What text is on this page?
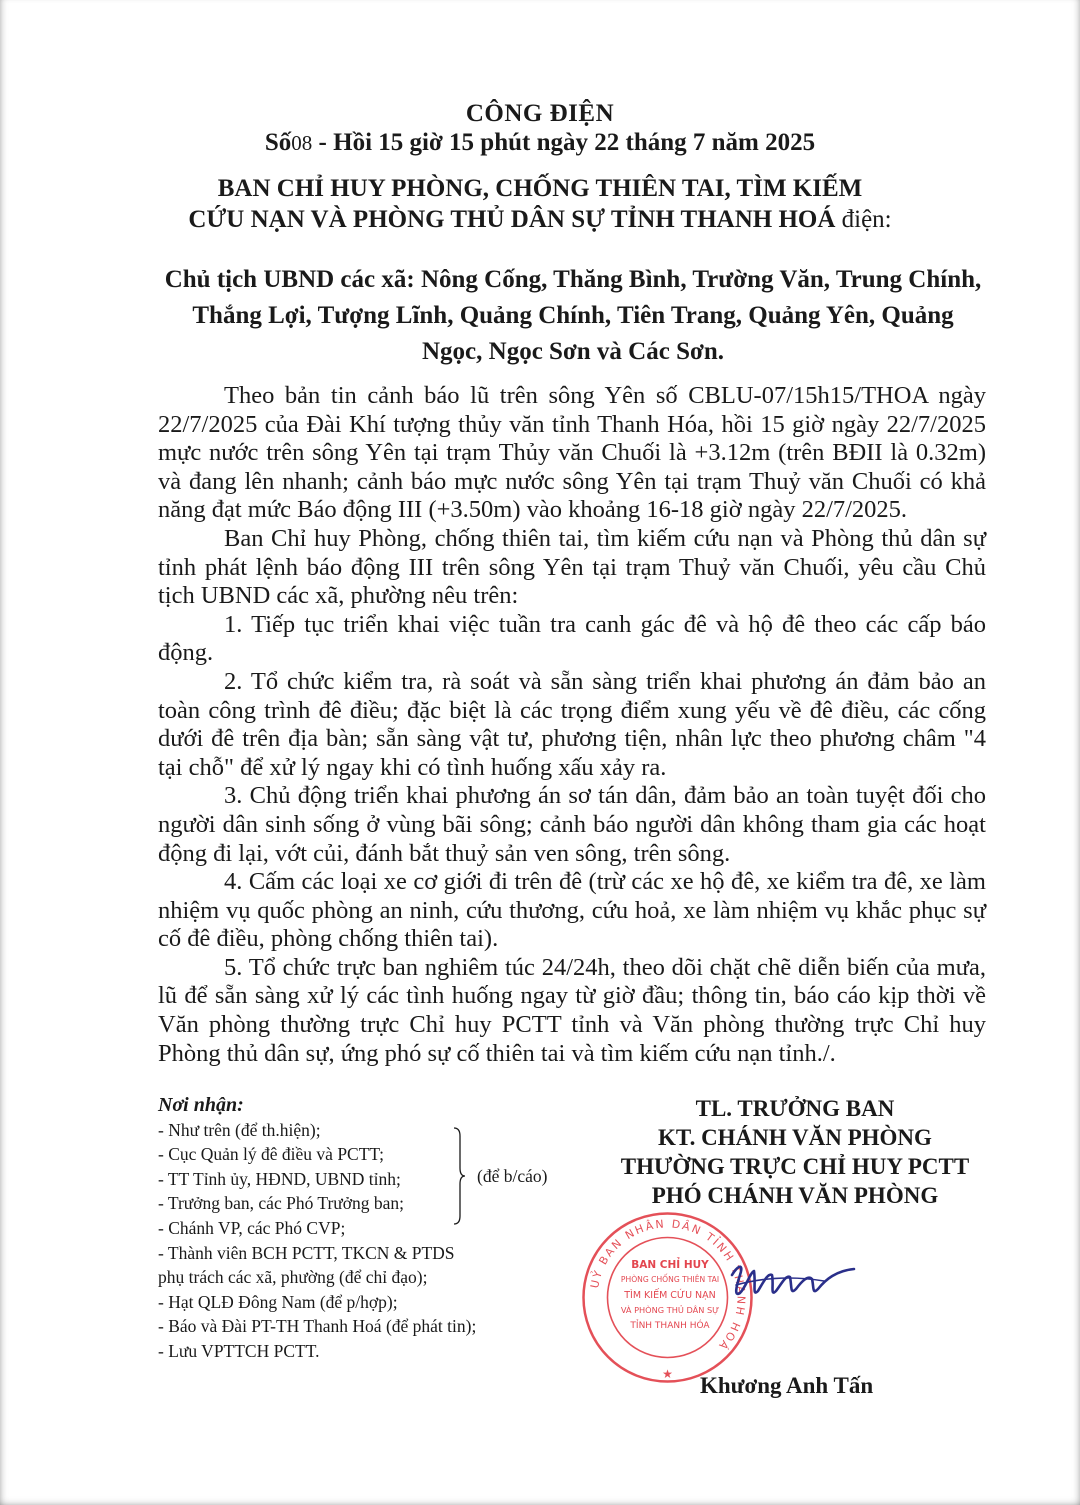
CÔNG ĐIỆN
Số08 - Hồi 15 giờ 15 phút ngày 22 tháng 7 năm 2025
BAN CHỈ HUY PHÒNG, CHỐNG THIÊN TAI, TÌM KIẾM
CỨU NẠN VÀ PHÒNG THỦ DÂN SỰ TỈNH THANH HOÁ điện:
Chủ tịch UBND các xã: Nông Cống, Thăng Bình, Trường Văn, Trung Chính,
Thắng Lợi, Tượng Lĩnh, Quảng Chính, Tiên Trang, Quảng Yên, Quảng
Ngọc, Ngọc Sơn và Các Sơn.

Theo bản tin cảnh báo lũ trên sông Yên số CBLU-07/15h15/THOA ngày 22/7/2025 của Đài Khí tượng thủy văn tỉnh Thanh Hóa, hồi 15 giờ ngày 22/7/2025 mực nước trên sông Yên tại trạm Thủy văn Chuối là +3.12m (trên BĐII là 0.32m) và đang lên nhanh; cảnh báo mực nước sông Yên tại trạm Thuỷ văn Chuối có khả năng đạt mức Báo động III (+3.50m) vào khoảng 16-18 giờ ngày 22/7/2025.

Ban Chỉ huy Phòng, chống thiên tai, tìm kiếm cứu nạn và Phòng thủ dân sự tỉnh phát lệnh báo động III trên sông Yên tại trạm Thuỷ văn Chuối, yêu cầu Chủ tịch UBND các xã, phường nêu trên:

1. Tiếp tục triển khai việc tuần tra canh gác đê và hộ đê theo các cấp báo động.

2. Tổ chức kiểm tra, rà soát và sẵn sàng triển khai phương án đảm bảo an toàn công trình đê điều; đặc biệt là các trọng điểm xung yếu về đê điều, các cống dưới đê trên địa bàn; sẵn sàng vật tư, phương tiện, nhân lực theo phương châm "4 tại chỗ" để xử lý ngay khi có tình huống xấu xảy ra.

3. Chủ động triển khai phương án sơ tán dân, đảm bảo an toàn tuyệt đối cho người dân sinh sống ở vùng bãi sông; cảnh báo người dân không tham gia các hoạt động đi lại, vớt củi, đánh bắt thuỷ sản ven sông, trên sông.

4. Cấm các loại xe cơ giới đi trên đê (trừ các xe hộ đê, xe kiểm tra đê, xe làm nhiệm vụ quốc phòng an ninh, cứu thương, cứu hoả, xe làm nhiệm vụ khắc phục sự cố đê điều, phòng chống thiên tai).

5. Tổ chức trực ban nghiêm túc 24/24h, theo dõi chặt chẽ diễn biến của mưa, lũ để sẵn sàng xử lý các tình huống ngay từ giờ đầu; thông tin, báo cáo kịp thời về Văn phòng thường trực Chỉ huy PCTT tỉnh và Văn phòng thường trực Chỉ huy Phòng thủ dân sự, ứng phó sự cố thiên tai và tìm kiếm cứu nạn tỉnh./.

Nơi nhận:
- Như trên (để th.hiện);
- Cục Quản lý đê điều và PCTT;
- TT Tỉnh ủy, HĐND, UBND tỉnh;
- Trưởng ban, các Phó Trưởng ban;
- Chánh VP, các Phó CVP;
- Thành viên BCH PCTT, TKCN & PTDS
phụ trách các xã, phường (để chỉ đạo);
- Hạt QLĐ Đông Nam (để p/hợp);
- Báo và Đài PT-TH Thanh Hoá (để phát tin);
- Lưu VPTTCH PCTT.
(để b/cáo)
TL. TRƯỞNG BAN
KT. CHÁNH VĂN PHÒNG
THƯỜNG TRỰC CHỈ HUY PCTT
PHÓ CHÁNH VĂN PHÒNG
UỶ BAN NHÂN DÂN TỈNH THANH HOÁ
★
BAN CHỈ HUY
PHÒNG CHỐNG THIÊN TAI
TÌM KIẾM CỨU NẠN
VÀ PHÒNG THỦ DÂN SỰ
TỈNH THANH HÓA
Khương Anh Tấn
